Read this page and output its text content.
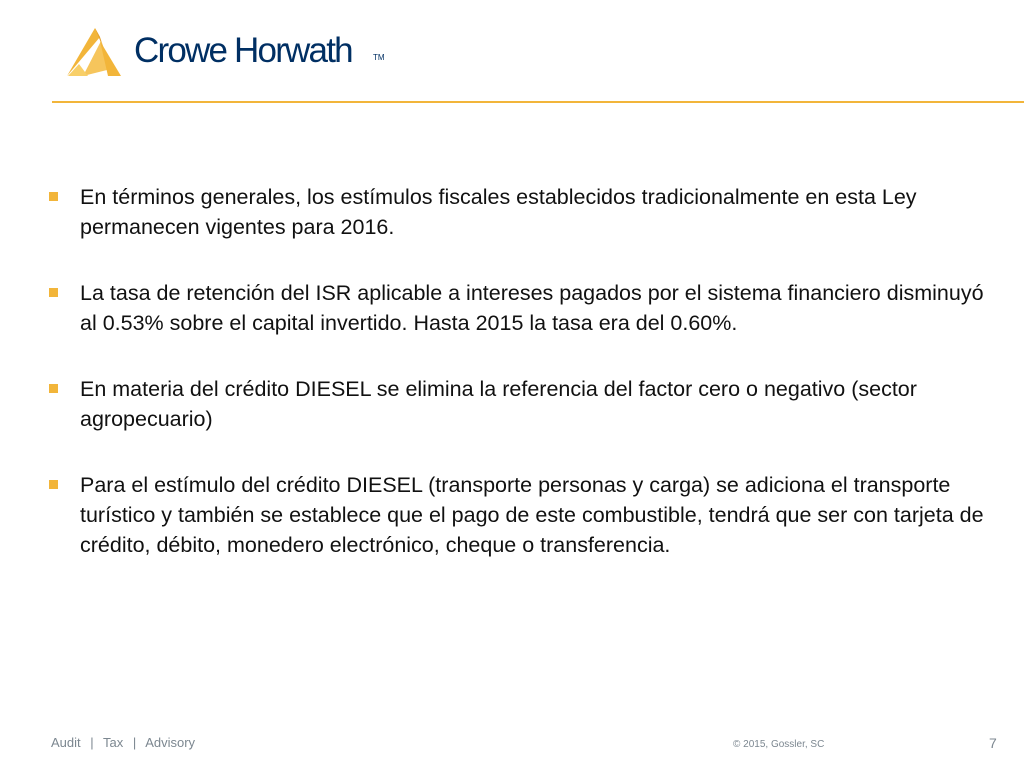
Crowe Horwath	TM
En términos generales, los estímulos fiscales establecidos tradicionalmente en esta Ley permanecen vigentes para 2016.
La tasa de retención del ISR aplicable a intereses pagados por el sistema financiero disminuyó al 0.53% sobre el capital invertido. Hasta 2015 la tasa era del 0.60%.
En materia del crédito DIESEL se elimina la referencia del factor cero o negativo (sector agropecuario)
Para el estímulo del crédito DIESEL (transporte personas y carga) se adiciona el transporte turístico y también se establece que el pago de este combustible, tendrá que ser con tarjeta de crédito, débito, monedero electrónico, cheque o transferencia.
Audit | Tax | Advisory	© 2015, Gossler, SC	7
